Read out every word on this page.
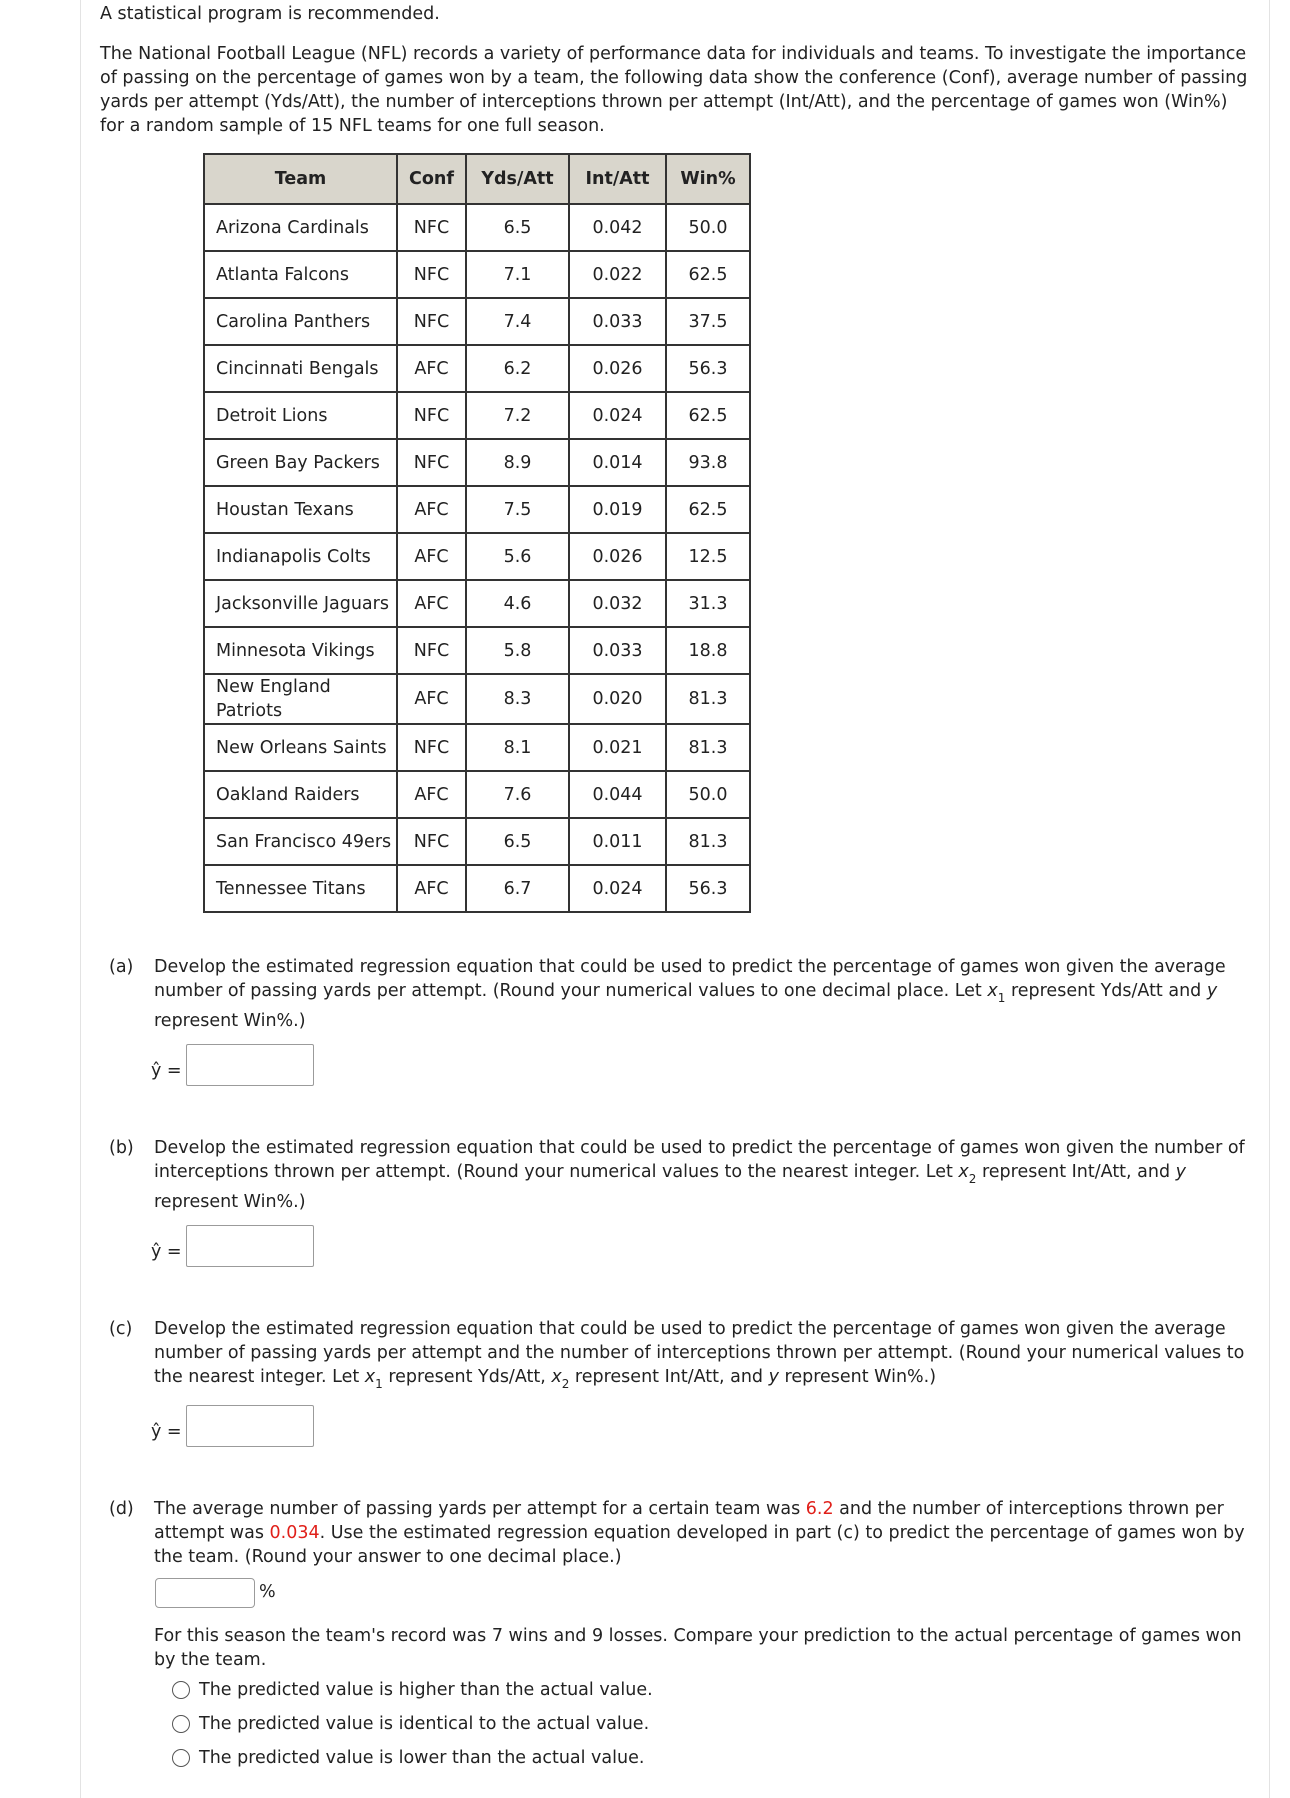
A statistical program is recommended.

The National Football League (NFL) records a variety of performance data for individuals and teams. To investigate the importance of passing on the percentage of games won by a team, the following data show the conference (Conf), average number of passing yards per attempt (Yds/Att), the number of interceptions thrown per attempt (Int/Att), and the percentage of games won (Win%) for a random sample of 15 NFL teams for one full season.

Team	Conf	Yds/Att	Int/Att	Win%
Arizona Cardinals	NFC	6.5	0.042	50.0
Atlanta Falcons	NFC	7.1	0.022	62.5
Carolina Panthers	NFC	7.4	0.033	37.5
Cincinnati Bengals	AFC	6.2	0.026	56.3
Detroit Lions	NFC	7.2	0.024	62.5
Green Bay Packers	NFC	8.9	0.014	93.8
Houstan Texans	AFC	7.5	0.019	62.5
Indianapolis Colts	AFC	5.6	0.026	12.5
Jacksonville Jaguars	AFC	4.6	0.032	31.3
Minnesota Vikings	NFC	5.8	0.033	18.8
New England Patriots	AFC	8.3	0.020	81.3
New Orleans Saints	NFC	8.1	0.021	81.3
Oakland Raiders	AFC	7.6	0.044	50.0
San Francisco 49ers	NFC	6.5	0.011	81.3
Tennessee Titans	AFC	6.7	0.024	56.3
(a) Develop the estimated regression equation that could be used to predict the percentage of games won given the average number of passing yards per attempt. (Round your numerical values to one decimal place. Let $x_1$ represent Yds/Att and y

represent Win%.)

ŷ =
(b) Develop the estimated regression equation that could be used to predict the percentage of games won given the number of interceptions thrown per attempt. (Round your numerical values to the nearest integer. Let $x_2$ represent Int/Att, and y

represent Win%.)

ŷ =
(c) Develop the estimated regression equation that could be used to predict the percentage of games won given the average number of passing yards per attempt and the number of interceptions thrown per attempt. (Round your numerical values to the nearest integer. Let $x_1$ represent Yds/Att, $x_2$ represent Int/Att, and y represent Win%.)

ŷ =
(d) The average number of passing yards per attempt for a certain team was 6.2 and the number of interceptions thrown per attempt was 0.034. Use the estimated regression equation developed in part (c) to predict the percentage of games won by the team. (Round your answer to one decimal place.)

%

For this season the team's record was 7 wins and 9 losses. Compare your prediction to the actual percentage of games won by the team.

The predicted value is higher than the actual value.
The predicted value is identical to the actual value.
The predicted value is lower than the actual value.
